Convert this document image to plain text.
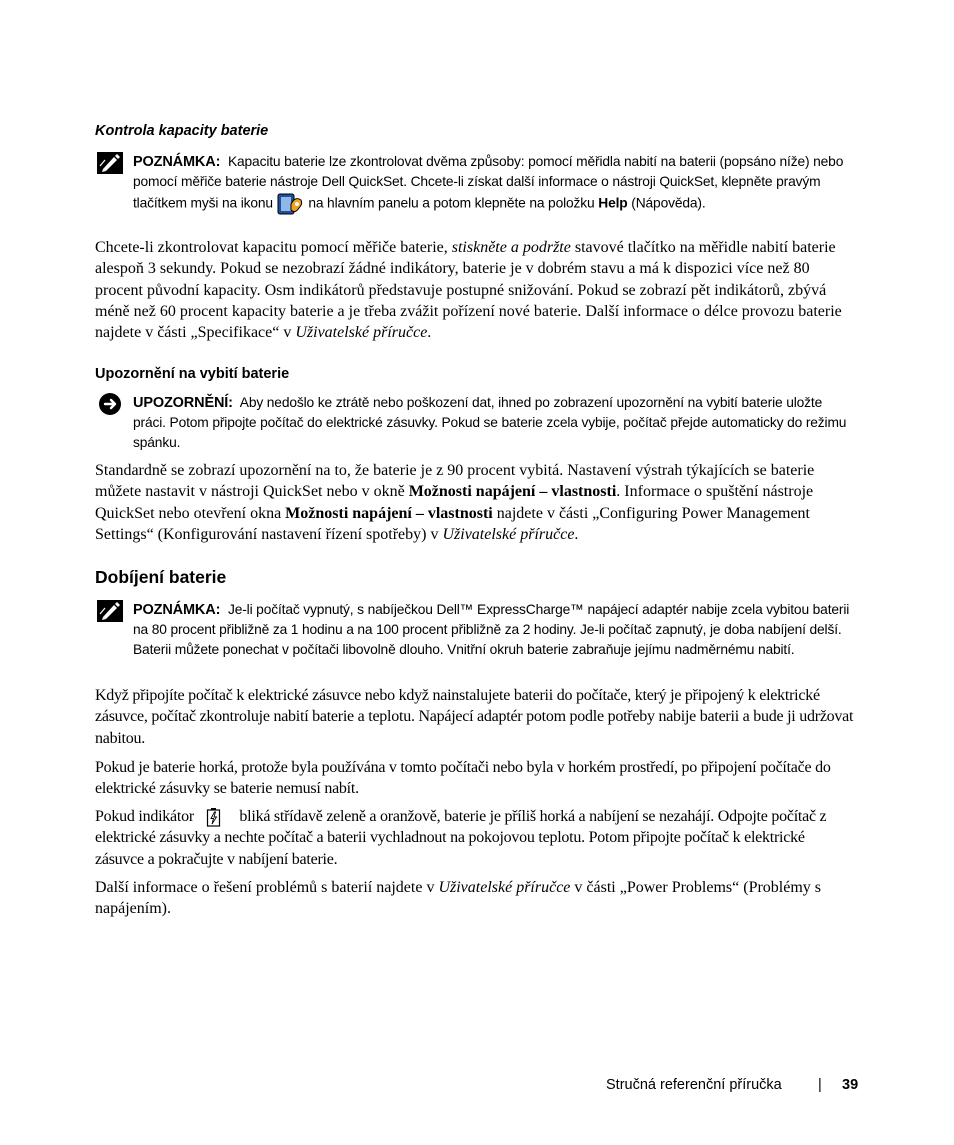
Kontrola kapacity baterie
POZNÁMKA: Kapacitu baterie lze zkontrolovat dvěma způsoby: pomocí měřidla nabití na baterii (popsáno níže) nebo pomocí měřiče baterie nástroje Dell QuickSet. Chcete-li získat další informace o nástroji QuickSet, klepněte pravým tlačítkem myši na ikonu	na hlavním panelu a potom klepněte na položku Help (Nápověda).
Chcete-li zkontrolovat kapacitu pomocí měřiče baterie, stiskněte a podržte stavové tlačítko na měřidle nabití baterie alespoň 3 sekundy. Pokud se nezobrazí žádné indikátory, baterie je v dobrém stavu a má k dispozici více než 80 procent původní kapacity. Osm indikátorů představuje postupné snižování. Pokud se zobrazí pět indikátorů, zbývá méně než 60 procent kapacity baterie a je třeba zvážit pořízení nové baterie. Další informace o délce provozu baterie najdete v části „Specifikace“ v Uživatelské příručce.
Upozornění na vybití baterie
UPOZORNĚNÍ: Aby nedošlo ke ztrátě nebo poškození dat, ihned po zobrazení upozornění na vybití baterie uložte práci. Potom připojte počítač do elektrické zásuvky. Pokud se baterie zcela vybije, počítač přejde automaticky do režimu spánku.
Standardně se zobrazí upozornění na to, že baterie je z 90 procent vybitá. Nastavení výstrah týkajících se baterie můžete nastavit v nástroji QuickSet nebo v okně Možnosti napájení – vlastnosti. Informace o spuštění nástroje QuickSet nebo otevření okna Možnosti napájení – vlastnosti najdete v části „Configuring Power Management Settings“ (Konfigurování nastavení řízení spotřeby) v Uživatelské příručce.
Dobíjení baterie
POZNÁMKA: Je-li počítač vypnutý, s nabíječkou Dell™ ExpressCharge™ napájecí adaptér nabije zcela vybitou baterii na 80 procent přibližně za 1 hodinu a na 100 procent přibližně za 2 hodiny. Je-li počítač zapnutý, je doba nabíjení delší. Baterii můžete ponechat v počítači libovolně dlouho. Vnitřní okruh baterie zabraňuje jejímu nadměrnému nabití.
Když připojíte počítač k elektrické zásuvce nebo když nainstalujete baterii do počítače, který je připojený k elektrické zásuvce, počítač zkontroluje nabití baterie a teplotu. Napájecí adaptér potom podle potřeby nabije baterii a bude ji udržovat nabitou.
Pokud je baterie horká, protože byla používána v tomto počítači nebo byla v horkém prostředí, po připojení počítače do elektrické zásuvky se baterie nemusí nabít.
Pokud indikátor	bliká střídavě zeleně a oranžově, baterie je příliš horká a nabíjení se nezahájí. Odpojte počítač z elektrické zásuvky a nechte počítač a baterii vychladnout na pokojovou teplotu. Potom připojte počítač k elektrické zásuvce a pokračujte v nabíjení baterie.
Další informace o řešení problémů s baterií najdete v Uživatelské příručce v části „Power Problems“ (Problémy s napájením).
Stručná referenční příručka	| 39
